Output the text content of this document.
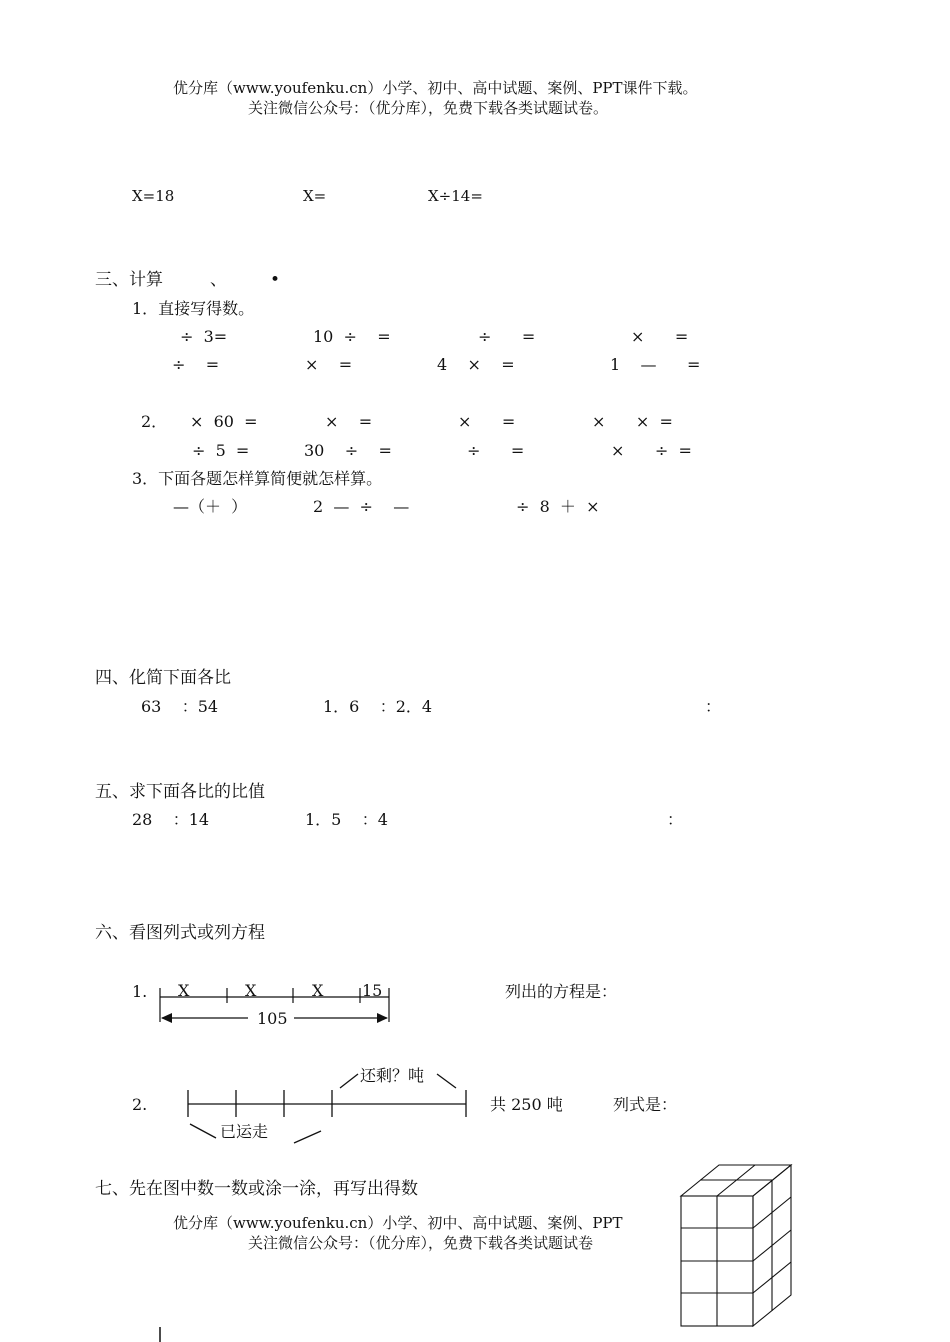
优分库（www.youfenku.cn）小学、初中、高中试题、案例、PPT课件下载。
关注微信公众号：（优分库），免费下载各类试题试卷。
X=18	X=	X÷14=
三、计算	、	•
1．直接写得数。
÷  3=	10  ÷    =	÷      =	×      =
÷    =	×    =	4    ×    =	1    —      =
2． ×  60  =	×    =	×      =	×      ×  =
÷  5  =	30    ÷    =	÷      =	×      ÷  =
3．下面各题怎样算简便就怎样算。
—（＋  ）	2  —  ÷    —	÷  8  ＋  ×
四、化简下面各比
63    ：54	1．6    ：2．4	：
五、求下面各比的比值
28    ：14	1．5    ：4	：
六、看图列式或列方程
1. X	X	X 15
105
列出的方程是：
2.
还剩？吨
已运走
共 250 吨	列式是：
七、先在图中数一数或涂一涂，再写出得数
优分库（www.youfenku.cn）小学、初中、高中试题、案例、PPT
关注微信公众号：（优分库），免费下载各类试题试卷
